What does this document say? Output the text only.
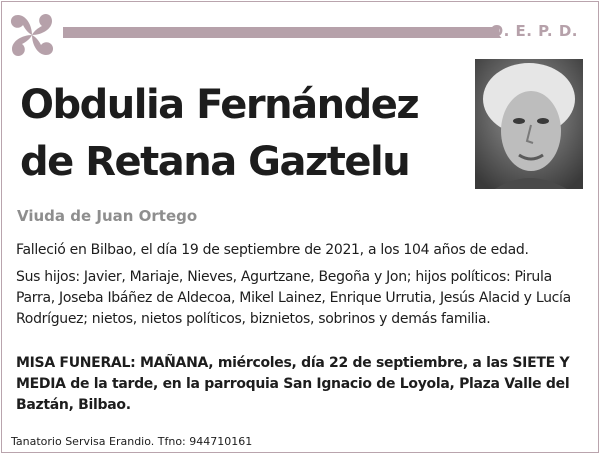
Q. E. P. D.
Obdulia Fernández
de Retana Gaztelu
Viuda de Juan Ortego
Falleció en Bilbao, el día 19 de septiembre de 2021, a los 104 años de edad.
Sus hijos: Javier, Mariaje, Nieves, Agurtzane, Begoña y Jon; hijos políticos: Pirula Parra, Joseba Ibáñez de Aldecoa, Mikel Lainez, Enrique Urrutia, Jesús Alacid y Lucía Rodríguez; nietos, nietos políticos, biznietos, sobrinos y demás familia.
MISA FUNERAL: MAÑANA, miércoles, día 22 de septiembre, a las SIETE Y MEDIA de la tarde, en la parroquia San Ignacio de Loyola, Plaza Valle del Baztán, Bilbao.
Tanatorio Servisa Erandio. Tfno: 944710161
